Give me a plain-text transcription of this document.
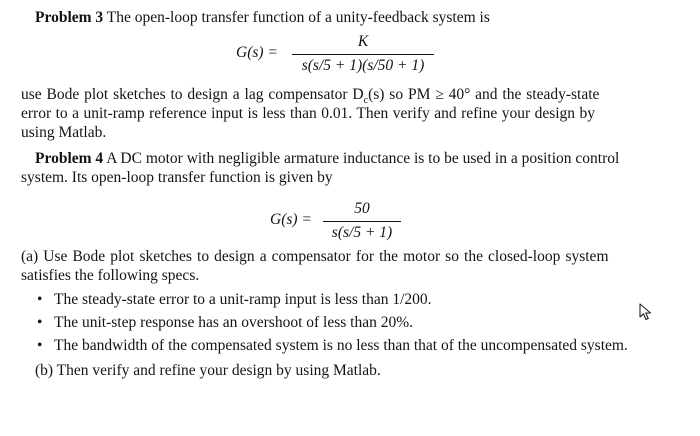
Problem 3 The open-loop transfer function of a unity-feedback system is
G(s) =
K
s(s/5 + 1)(s/50 + 1)
use Bode plot sketches to design a lag compensator $D_c(s)$ so PM ≥ 40° and the steady-state
error to a unit-ramp reference input is less than 0.01. Then verify and refine your design by
using Matlab.
Problem 4 A DC motor with negligible armature inductance is to be used in a position control
system. Its open-loop transfer function is given by
G(s) =
50
s(s/5 + 1)
(a) Use Bode plot sketches to design a compensator for the motor so the closed-loop system
satisfies the following specs.
• The steady-state error to a unit-ramp input is less than 1/200.
• The unit-step response has an overshoot of less than 20%.
• The bandwidth of the compensated system is no less than that of the uncompensated system.
(b) Then verify and refine your design by using Matlab.
